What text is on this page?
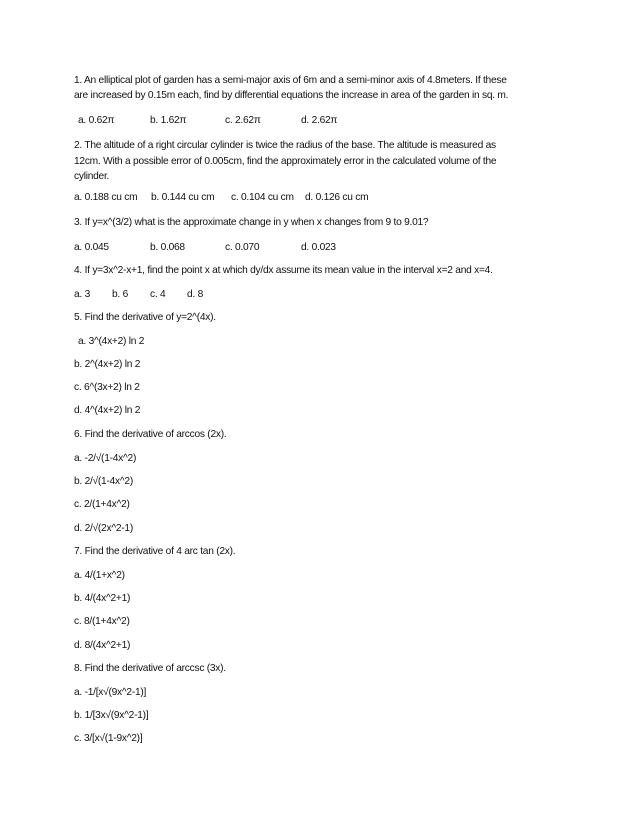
1. An elliptical plot of garden has a semi-major axis of 6m and a semi-minor axis of 4.8meters. If these
are increased by 0.15m each, find by differential equations the increase in area of the garden in sq. m.
a. 0.62π	b. 1.62π	c. 2.62π	d. 2.62π
2. The altitude of a right circular cylinder is twice the radius of the base. The altitude is measured as
12cm. With a possible error of 0.005cm, find the approximately error in the calculated volume of the
cylinder.
a. 0.188 cu cm b. 0.144 cu cm c. 0.104 cu cm d. 0.126 cu cm
3. If y=x^(3/2) what is the approximate change in y when x changes from 9 to 9.01?
a. 0.045	b. 0.068	c. 0.070	d. 0.023
4. If y=3x^2-x+1, find the point x at which dy/dx assume its mean value in the interval x=2 and x=4.
a. 3 b. 6 c. 4 d. 8
5. Find the derivative of y=2^(4x).
a. 3^(4x+2) ln 2
b. 2^(4x+2) ln 2
c. 6^(3x+2) ln 2
d. 4^(4x+2) ln 2
6. Find the derivative of arccos (2x).
a. -2/√(1-4x^2)
b. 2/√(1-4x^2)
c. 2/(1+4x^2)
d. 2/√(2x^2-1)
7. Find the derivative of 4 arc tan (2x).
a. 4/(1+x^2)
b. 4/(4x^2+1)
c. 8/(1+4x^2)
d. 8/(4x^2+1)
8. Find the derivative of arccsc (3x).
a. -1/[x√(9x^2-1)]
b. 1/[3x√(9x^2-1)]
c. 3/[x√(1-9x^2)]
